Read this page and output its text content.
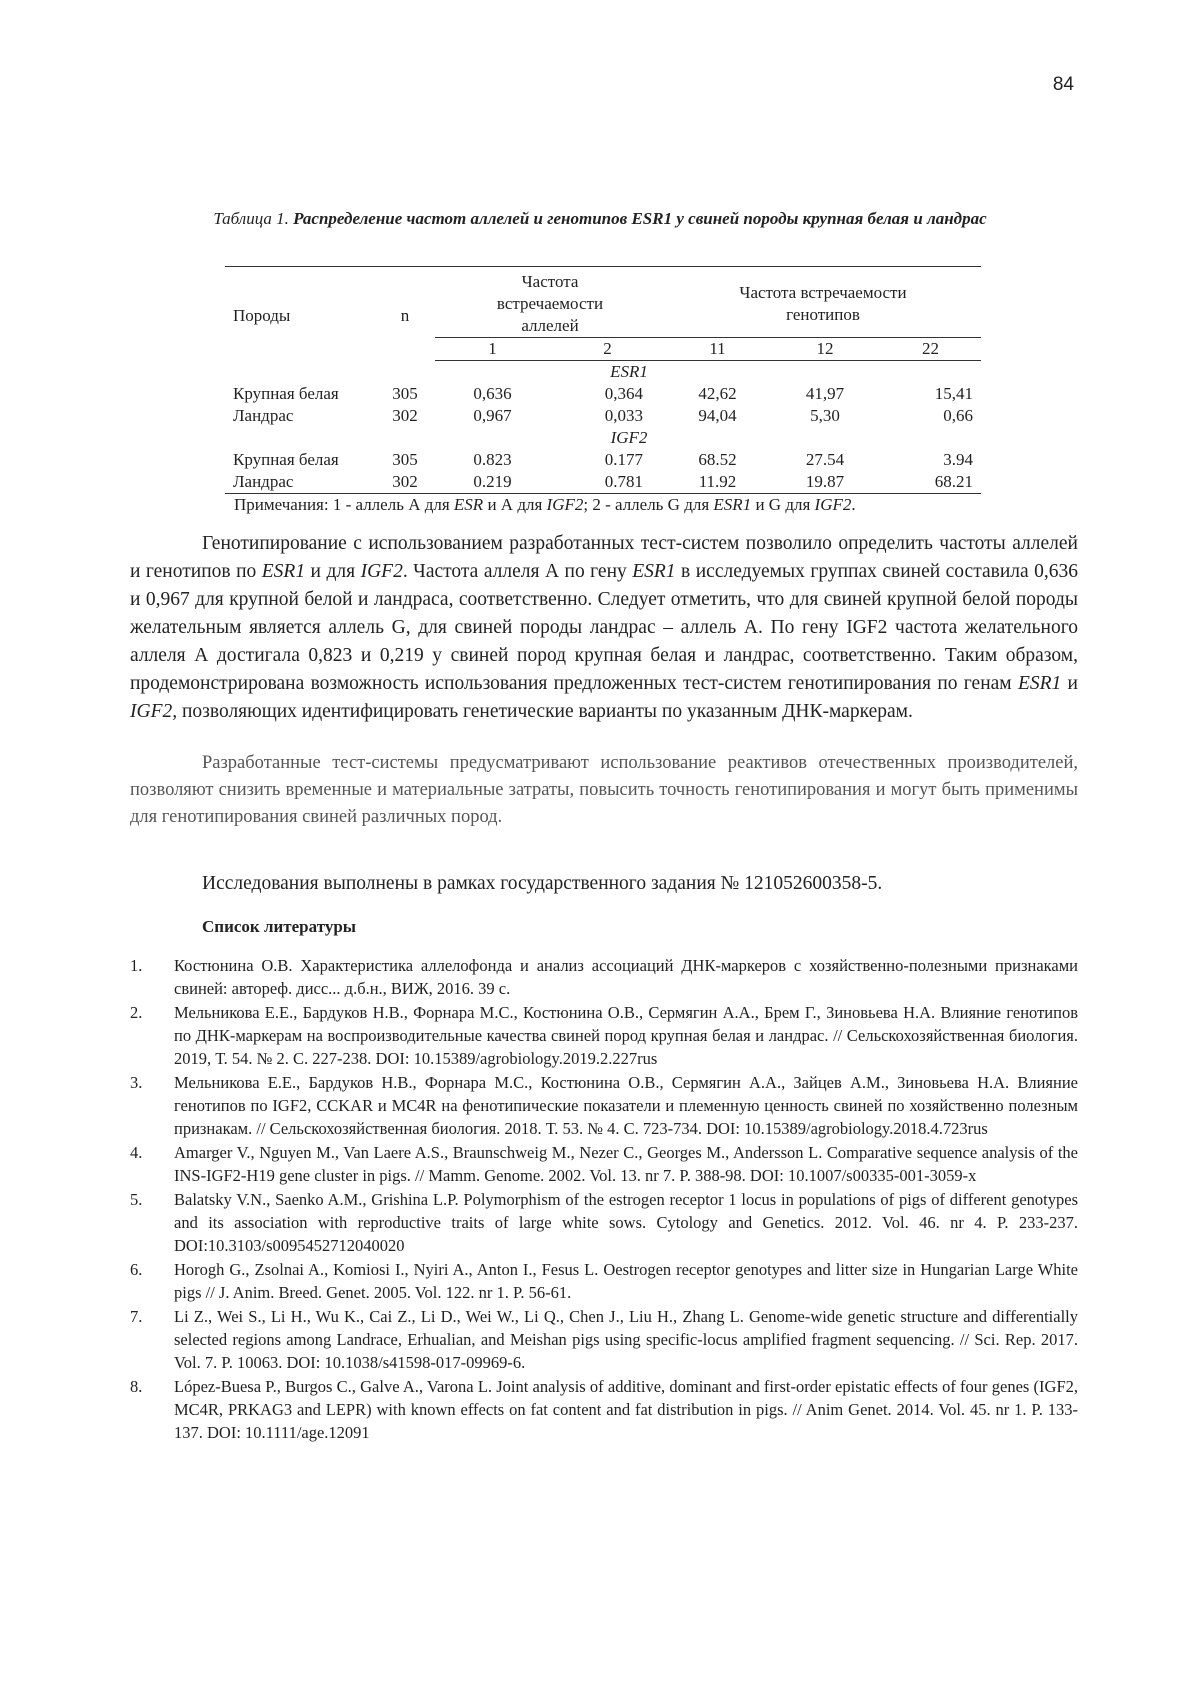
84
Таблица 1. Распределение частот аллелей и генотипов ESR1 у свиней породы крупная белая и ландрас
Породы	n	Частота встречаемости аллелей		Частота встречаемости генотипов		
		1	2	11	12	22
ESR1						
Крупная белая	305	0,636	0,364	42,62	41,97	15,41
Ландрас	302	0,967	0,033	94,04	5,30	0,66
IGF2						
Крупная белая	305	0.823	0.177	68.52	27.54	3.94
Ландрас	302	0.219	0.781	11.92	19.87	68.21
Примечания: 1 - аллель А для ESR и А для IGF2; 2 - аллель G для ESR1 и G для IGF2.

Генотипирование с использованием разработанных тест-систем позволило определить частоты аллелей и генотипов по ESR1 и для IGF2. Частота аллеля А по гену ESR1 в исследуемых группах свиней составила 0,636 и 0,967 для крупной белой и ландраса, соответственно. Следует отметить, что для свиней крупной белой породы желательным является аллель G, для свиней породы ландрас – аллель А. По гену IGF2 частота желательного аллеля А достигала 0,823 и 0,219 у свиней пород крупная белая и ландрас, соответственно. Таким образом, продемонстрирована возможность использования предложенных тест-систем генотипирования по генам ESR1 и IGF2, позволяющих идентифицировать генетические варианты по указанным ДНК-маркерам.

Разработанные тест-системы предусматривают использование реактивов отечественных производителей, позволяют снизить временные и материальные затраты, повысить точность генотипирования и могут быть применимы для генотипирования свиней различных пород.

Исследования выполнены в рамках государственного задания № 121052600358-5.

Список литературы
1. Костюнина О.В. Характеристика аллелофонда и анализ ассоциаций ДНК-маркеров с хозяйственно-полезными признаками свиней: автореф. дисс... д.б.н., ВИЖ, 2016. 39 с.
2. Мельникова Е.Е., Бардуков Н.В., Форнара М.С., Костюнина О.В., Сермягин А.А., Брем Г., Зиновьева Н.А. Влияние генотипов по ДНК-маркерам на воспроизводительные качества свиней пород крупная белая и ландрас. // Сельскохозяйственная биология. 2019, Т. 54. № 2. С. 227-238. DOI: 10.15389/agrobiology.2019.2.227rus
3. Мельникова Е.Е., Бардуков Н.В., Форнара М.С., Костюнина О.В., Сермягин А.А., Зайцев А.М., Зиновьева Н.А. Влияние генотипов по IGF2, CCKAR и MC4R на фенотипические показатели и племенную ценность свиней по хозяйственно полезным признакам. // Сельскохозяйственная биология. 2018. Т. 53. № 4. С. 723-734. DOI: 10.15389/agrobiology.2018.4.723rus
4. Amarger V., Nguyen M., Van Laere A.S., Braunschweig M., Nezer C., Georges M., Andersson L. Comparative sequence analysis of the INS-IGF2-H19 gene cluster in pigs. // Mamm. Genome. 2002. Vol. 13. nr 7. P. 388-98. DOI: 10.1007/s00335-001-3059-x
5. Balatsky V.N., Saenko A.M., Grishina L.P. Polymorphism of the estrogen receptor 1 locus in populations of pigs of different genotypes and its association with reproductive traits of large white sows. Cytology and Genetics. 2012. Vol. 46. nr 4. P. 233-237. DOI:10.3103/s0095452712040020
6. Horogh G., Zsolnai A., Komiosi I., Nyiri A., Anton I., Fesus L. Oestrogen receptor genotypes and litter size in Hungarian Large White pigs // J. Anim. Breed. Genet. 2005. Vol. 122. nr 1. P. 56-61.
7. Li Z., Wei S., Li H., Wu K., Cai Z., Li D., Wei W., Li Q., Chen J., Liu H., Zhang L. Genome-wide genetic structure and differentially selected regions among Landrace, Erhualian, and Meishan pigs using specific-locus amplified fragment sequencing. // Sci. Rep. 2017. Vol. 7. P. 10063. DOI: 10.1038/s41598-017-09969-6.
8. López-Buesa P., Burgos C., Galve A., Varona L. Joint analysis of additive, dominant and first-order epistatic effects of four genes (IGF2, MC4R, PRKAG3 and LEPR) with known effects on fat content and fat distribution in pigs. // Anim Genet. 2014. Vol. 45. nr 1. P. 133-137. DOI: 10.1111/age.12091
